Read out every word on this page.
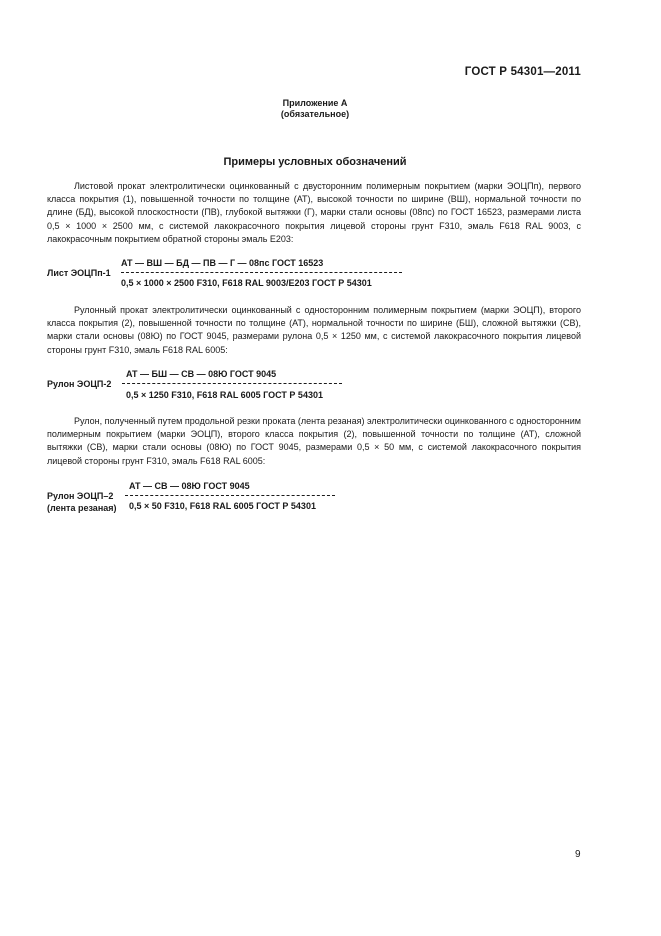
ГОСТ Р 54301—2011
Приложение А
(обязательное)
Примеры условных обозначений
Листовой прокат электролитически оцинкованный с двусторонним полимерным покрытием (марки ЭОЦПп), первого класса покрытия (1), повышенной точности по толщине (АТ), высокой точности по ширине (ВШ), нормальной точности по длине (БД), высокой плоскостности (ПВ), глубокой вытяжки (Г), марки стали основы (08пс) по ГОСТ 16523, размерами листа 0,5 × 1000 × 2500 мм, с системой лакокрасочного покрытия лицевой стороны грунт F310, эмаль F618 RAL 9003, с лакокрасочным покрытием обратной стороны эмаль Е203:
Лист ЭОЦПп-1
АТ — ВШ — БД — ПВ — Г — 08пс ГОСТ 16523
0,5 × 1000 × 2500 F310, F618 RAL 9003/E203 ГОСТ Р 54301
Рулонный прокат электролитически оцинкованный с односторонним полимерным покрытием (марки ЭОЦП), второго класса покрытия (2), повышенной точности по толщине (АТ), нормальной точности по ширине (БШ), сложной вытяжки (СВ), марки стали основы (08Ю) по ГОСТ 9045, размерами рулона 0,5 × 1250 мм, с системой лакокрасочного покрытия лицевой стороны грунт F310, эмаль F618 RAL 6005:
Рулон ЭОЦП-2
АТ — БШ — СВ — 08Ю ГОСТ 9045
0,5 × 1250 F310, F618 RAL 6005 ГОСТ Р 54301
Рулон, полученный путем продольной резки проката (лента резаная) электролитически оцинкованного с односторонним полимерным покрытием (марки ЭОЦП), второго класса покрытия (2), повышенной точности по толщине (АТ), сложной вытяжки (СВ), марки стали основы (08Ю) по ГОСТ 9045, размерами 0,5 × 50 мм, с системой лакокрасочного покрытия лицевой стороны грунт F310, эмаль F618 RAL 6005:
Рулон ЭОЦП–2
(лента резаная)
АТ — СВ — 08Ю ГОСТ 9045
0,5 × 50 F310, F618 RAL 6005 ГОСТ Р 54301
9
